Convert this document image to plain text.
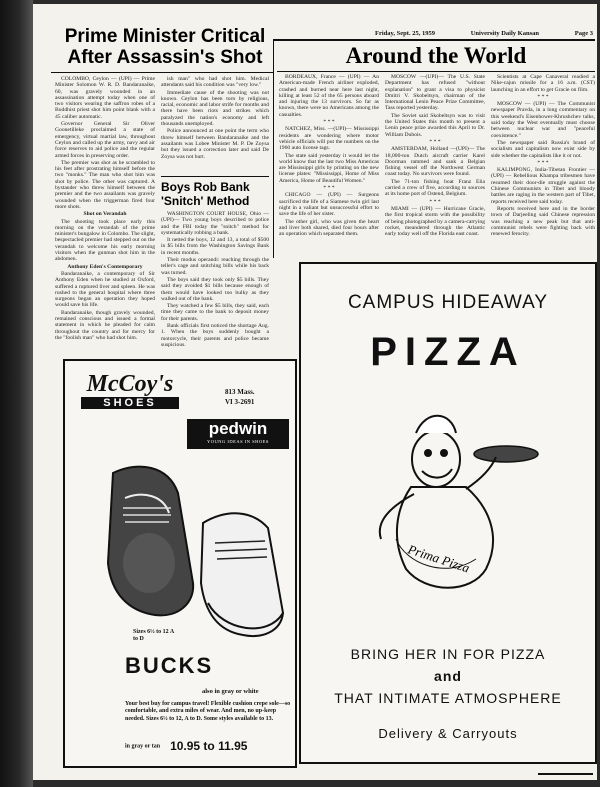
Friday, Sept. 25, 1959	University Daily Kansan	Page 3
Prime Minister Critical After Assassin's Shot

COLOMBO, Ceylon — (UPI) — Prime Minister Solomon W. R. D. Bandaranaike, 60, was gravely wounded in an assassination attempt today when one of two visitors wearing the saffron robes of a Buddhist priest shot him point blank with a 45 caliber automatic.

Governor General Sir Oliver Goonetilleke proclaimed a state of emergency, virtual martial law, throughout Ceylon and called up the army, navy and air force reserves to aid police and the regular armed forces in preserving order.

The premier was shot as he scrambled to his feet after prostrating himself before the two "monks." The man who shot him was shot by police. The other was captured. A bystander who threw himself between the premier and the two assailants was gravely wounded when the triggerman fired four more shots.

Shot on Verandah

The shooting took place early this morning on the verandah of the prime minister's bungalow in Colombo. The slight, bespectacled premier had stepped out on the verandah to welcome his early morning visitors when the gunman shot him in the abdomen.

Anthony Eden's Contemporary

Bandaranaike, a contemporary of Sir Anthony Eden when he studied at Oxford, suffered a ruptured liver and spleen. He was rushed to the general hospital where three surgeons began an operation they hoped would save his life.

Bandaranaike, though gravely wounded, remained conscious and issued a formal statement in which he pleaded for calm throughout the country and for mercy for the "foolish man" who had shot him.

ish man" who had shot him. Medical attendants said his condition was "very low."

Immediate cause of the shooting was not known. Ceylon has been torn by religious, racial, economic and labor strife for months and there have been riots and strikes which paralyzed the nation's economy and left thousands unemployed.

Police announced at one point the term who threw himself between Bandaranaike and the assailants was Lobee Minister M. P. De Zoysa but they issued a correction later and said De Zoysa was not hurt.

Boys Rob Bank 'Snitch' Method

WASHINGTON COURT HOUSE, Ohio —(UPI)— Two young boys described to police and the FBI today the "snitch" method for systematically robbing a bank.

It netted the boys, 12 and 13, a total of $500 in $5 bills from the Washington Savings Bank in recent months.

Their modus operandi: reaching through the teller's cage and snitching bills while his back was turned.

The boys said they took only $5 bills. They said they avoided $1 bills because enough of them would have looked too bulky as they walked out of the bank.

They watched a few $5 bills, they said, each time they came to the bank to deposit money for their parents.

Bank officials first noticed the shortage Aug. 1. When the boys suddenly bought a motorcycle, their parents and police became suspicious.

Around the World

BORDEAUX, France — (UPI) — An American-made French airliner exploded, crashed and burned near here last night, killing at least 52 of the 65 persons aboard and injuring the 13 survivors. So far as known, there were no Americans among the casualties.

* * *

NATCHEZ, Miss. —(UPI)— Mississippi residents are wondering where motor vehicle officials will put the numbers on the 1960 auto license tags.

The state said yesterday it would let the world know that the last two Miss Americas are Mississippi girls by printing on the new license plates: "Mississippi, Home of Miss America, Home of Beautiful Women."

* * *

CHICAGO — (UPI) — Surgeons sacrificed the life of a Siamese twin girl last night in a valiant but unsuccessful effort to save the life of her sister.

The other girl, who was given the heart and liver both shared, died four hours after an operation which separated them.

MOSCOW —(UPI)— The U.S. State Department has refused "without explanation" to grant a visa to physicist Dmitri V. Skobeltsyn, chairman of the International Lenin Peace Prize Committee, Tass reported yesterday.

The Soviet said Skobeltsyn was to visit the United States this month to present a Lenin peace prize awarded this April to Dr. William Dubois.

* * *

AMSTERDAM, Holland —(UPI)— The 18,000-ton Dutch aircraft carrier Karel Doorman rammed and sank a Belgian fishing vessel off the Northwest German coast today. No survivors were found.

The 71-ton fishing boat Franz Elia carried a crew of five, according to sources at its home port of Ostend, Belgium.

* * *

MIAMI — (UPI) — Hurricane Gracie, the first tropical storm with the possibility of being photographed by a camera-carrying rocket, meandered through the Atlantic early today well off the Florida east coast.

Scientists at Cape Canaveral readied a Nike-cajun missile for a 16 a.m. (CST) launching in an effort to get Gracie on film.

* * *

MOSCOW — (UPI) — The Communist newspaper Pravda, in a long commentary on this weekend's Eisenhower-Khrushchev talks, said today the West eventually must choose between nuclear war and "peaceful coexistence."

The newspaper said Russia's brand of socialism and capitalism now exist side by side whether the capitalists like it or not.

* * *

KALIMPONG, India-Tibetan Frontier — (UPI) — Rebellious Khampa tribesmen have resumed their door-die struggle against the Chinese Communists in Tibet and bloody battles are raging in the western part of Tibet, reports received here said today.

Reports received here and in the border town of Darjeeling said Chinese repression was reaching a new peak but that anti-communist rebels were fighting back with renewed ferocity.

McCoy's
SHOES
813 Mass.
VI 3-2691
pedwin
YOUNG IDEAS IN SHOES
Sizes 6½ to 12 A to D
BUCKS
also in gray or white
Your best buy for campus travel! Flexible cushion crepe sole—so comfortable, and extra miles of wear. And men, no up-keep needed. Sizes 6½ to 12, A to D. Some styles available to 13.
in gray or tan 10.95 to 11.95
CAMPUS HIDEAWAY
PIZZA
Prima Pizza
BRING HER IN FOR PIZZA
and
THAT INTIMATE ATMOSPHERE
Delivery & Carryouts
